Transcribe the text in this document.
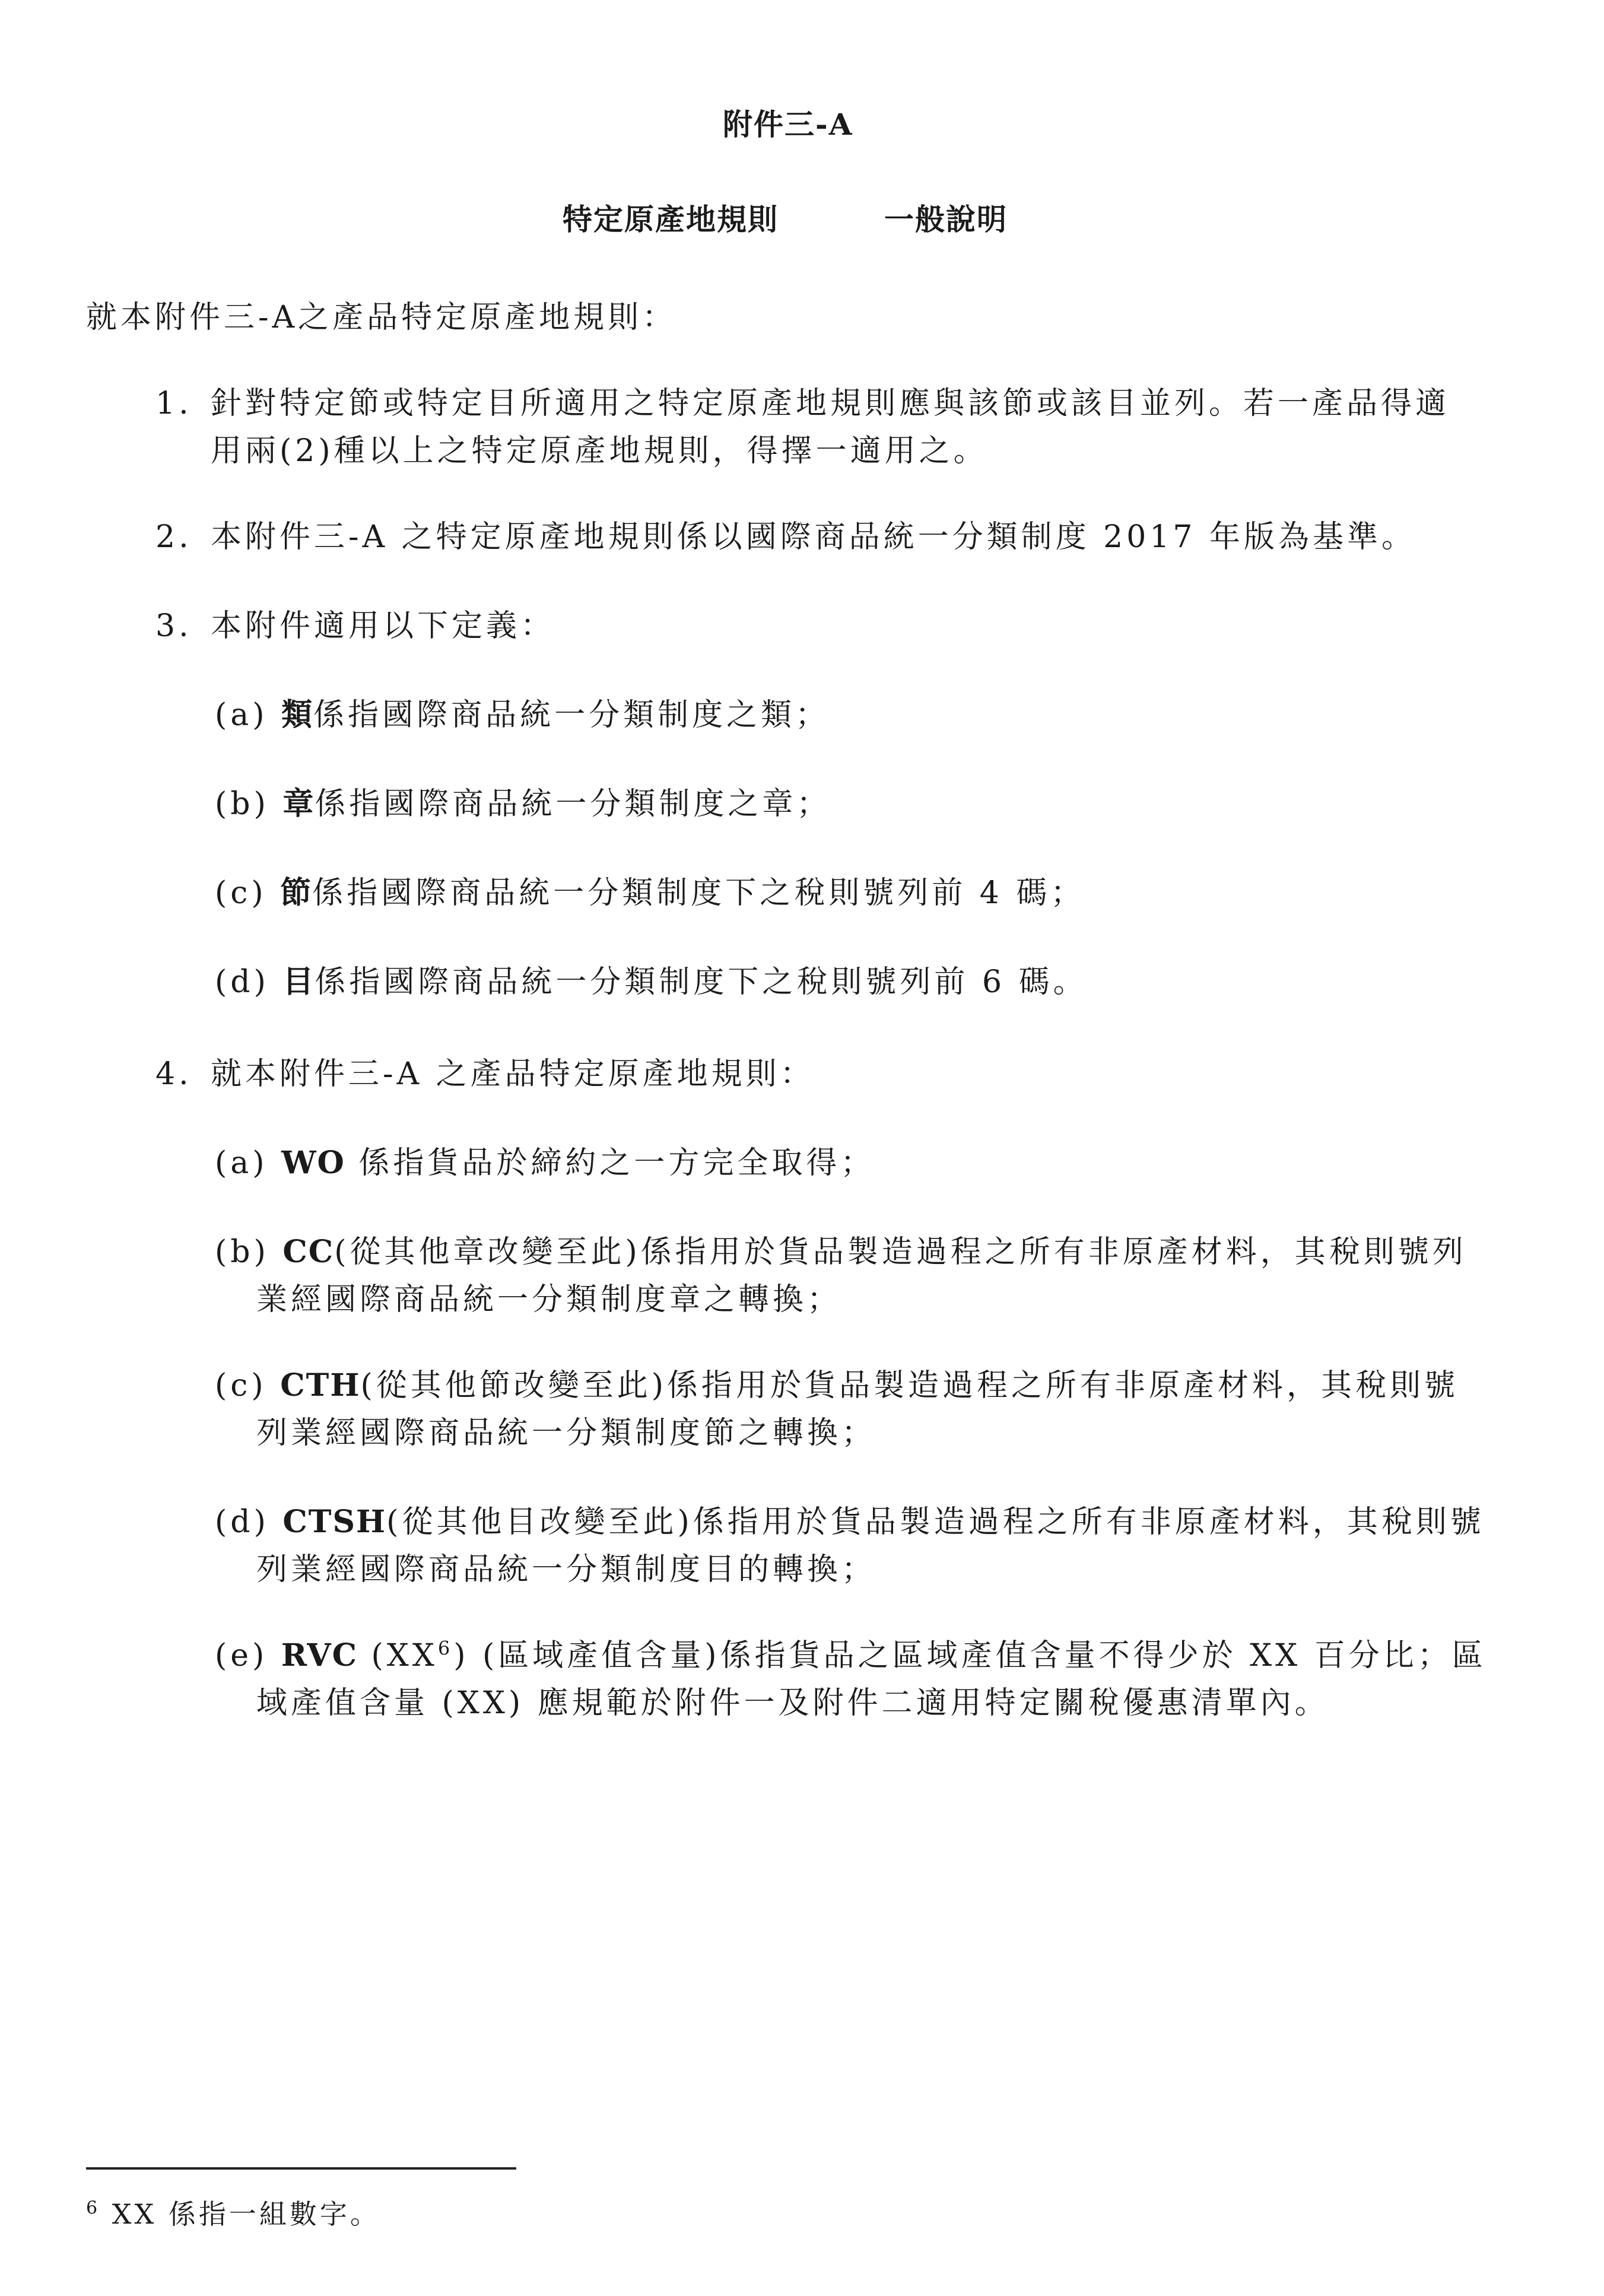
附件三-A
特定原產地規則	一般說明
就本附件三-A之產品特定原產地規則：
1. 針對特定節或特定目所適用之特定原產地規則應與該節或該目並列。若一產品得適
用兩(2)種以上之特定原產地規則，得擇一適用之。
2. 本附件三-A 之特定原產地規則係以國際商品統一分類制度 2017 年版為基準。
3. 本附件適用以下定義：
(a) 類係指國際商品統一分類制度之類；
(b) 章係指國際商品統一分類制度之章；
(c) 節係指國際商品統一分類制度下之稅則號列前 4 碼；
(d) 目係指國際商品統一分類制度下之稅則號列前 6 碼。
4. 就本附件三-A 之產品特定原產地規則：
(a) WO 係指貨品於締約之一方完全取得；
(b) CC(從其他章改變至此)係指用於貨品製造過程之所有非原產材料，其稅則號列
業經國際商品統一分類制度章之轉換；
(c) CTH(從其他節改變至此)係指用於貨品製造過程之所有非原產材料，其稅則號
列業經國際商品統一分類制度節之轉換；
(d) CTSH(從其他目改變至此)係指用於貨品製造過程之所有非原產材料，其稅則號
列業經國際商品統一分類制度目的轉換；
(e) RVC $(XX^6)$ (區域產值含量)係指貨品之區域產值含量不得少於 XX 百分比；區
域產值含量 (XX) 應規範於附件一及附件二適用特定關稅優惠清單內。
$^6$ XX 係指一組數字。
